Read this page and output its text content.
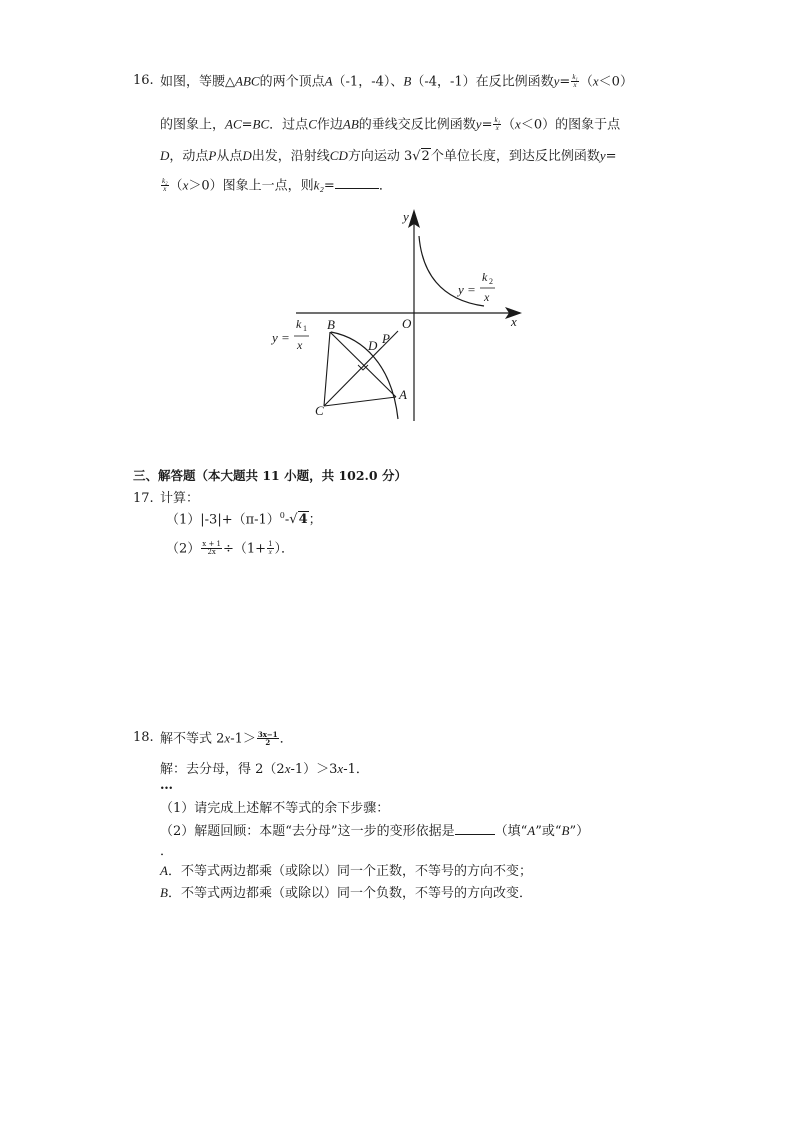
16. 如图，等腰△ABC的两个顶点A（-1，-4）、B（-4，-1）在反比例函数$y= \frac{\text{k₁}}{x} (x<0)$
的图象上，AC=BC．过点C作边AB的垂线交反比例函数$y= \frac{\text{k₁}}{x} (x<0)$的图象于点
D，动点P从点D出发，沿射线CD方向运动 3√2个单位长度，到达反比例函数y=
$\frac{\text{k₂}}{x} (x>0)$图象上一点，则k₂=	．
y
x
O
B
A
C
D P
y =
k 2
x
y =
k 1
x
三、解答题（本大题共 11 小题，共 102.0 分）
17. 计算：
$(1)|-3|+(\pi-1)^0-√4$；
$(2) \frac{x + 1}{2x} \div(1+ \frac{1}{x}$ ）．
18. 解不等式 $2x-1> \frac{3x-1}{2}$ ．
解：去分母，得 2（2x-1）＞3x-1．
…
（1）请完成上述解不等式的余下步骤：
（2）解题回顾：本题“去分母”这一步的变形依据是	（填“A”或“B”）
．
A．不等式两边都乘（或除以）同一个正数，不等号的方向不变；
B．不等式两边都乘（或除以）同一个负数，不等号的方向改变．
